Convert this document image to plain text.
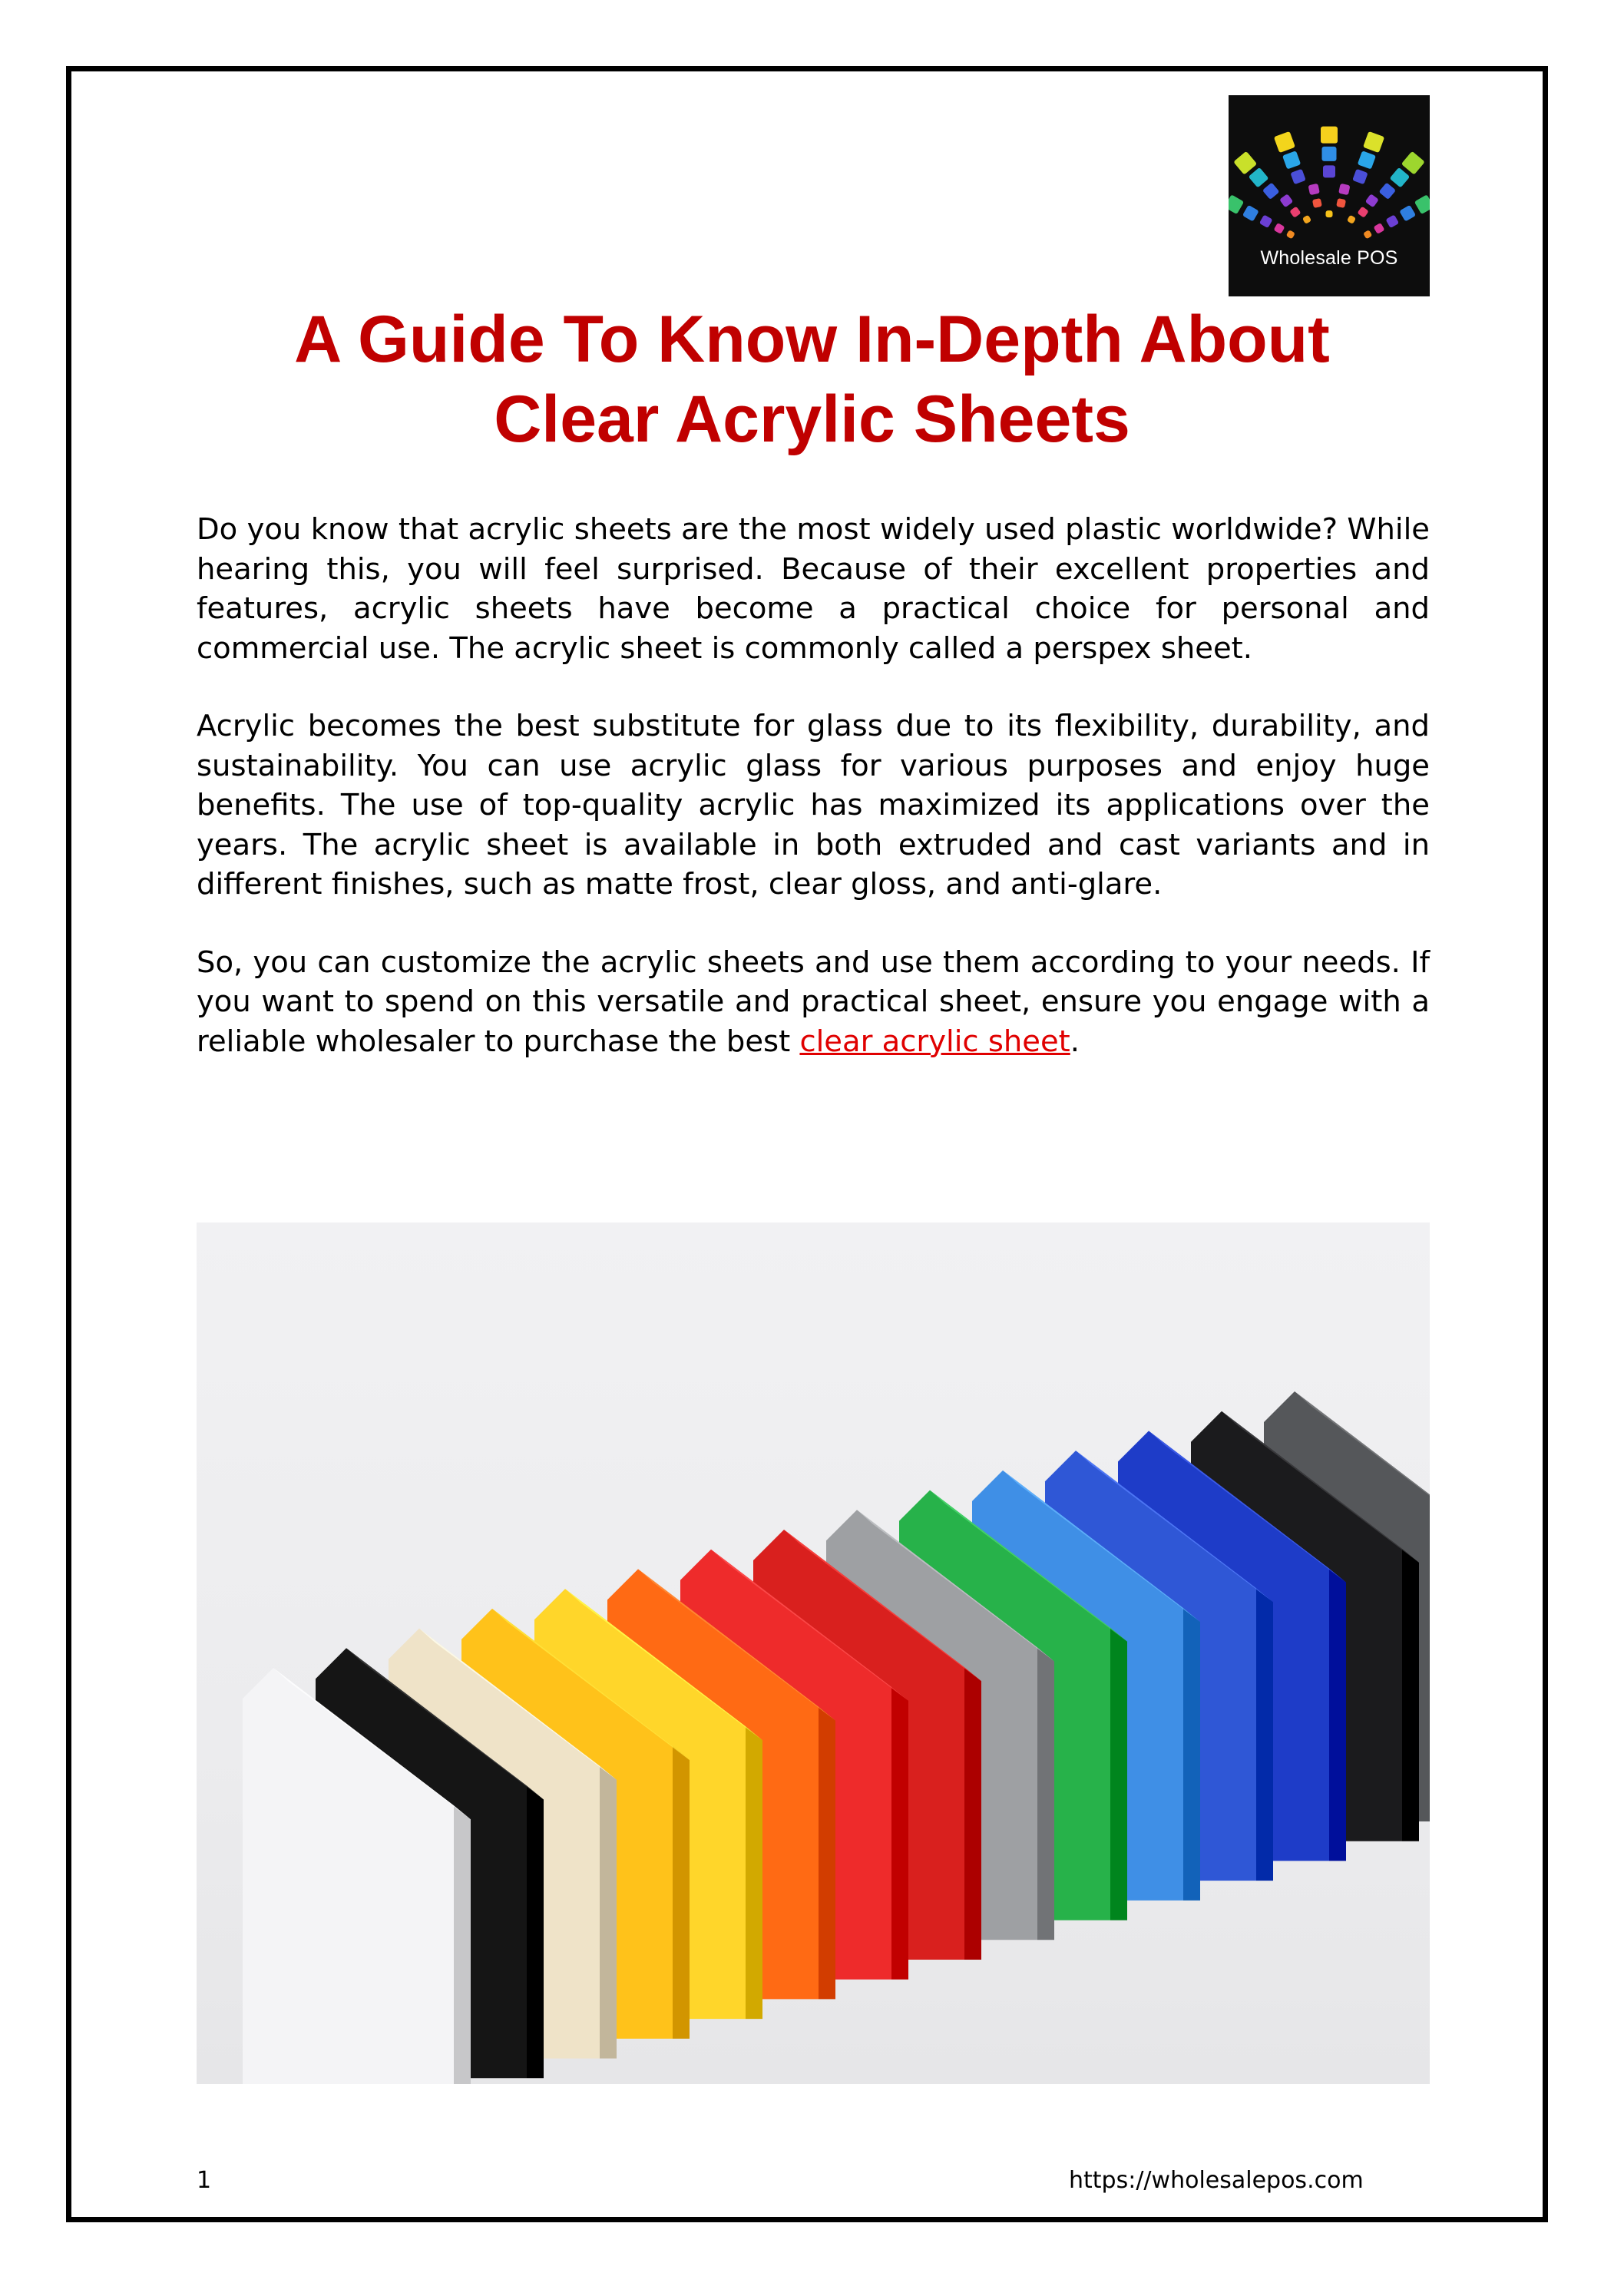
Wholesale POS
A Guide To Know In-Depth About
Clear Acrylic Sheets

Do you know that acrylic sheets are the most widely used plastic worldwide? While hearing this, you will feel surprised. Because of their excellent properties and features, acrylic sheets have become a practical choice for personal and commercial use. The acrylic sheet is commonly called a perspex sheet.

Acrylic becomes the best substitute for glass due to its flexibility, durability, and sustainability. You can use acrylic glass for various purposes and enjoy huge benefits. The use of top-quality acrylic has maximized its applications over the years. The acrylic sheet is available in both extruded and cast variants and in different finishes, such as matte frost, clear gloss, and anti-glare.

So, you can customize the acrylic sheets and use them according to your needs. If you want to spend on this versatile and practical sheet, ensure you engage with a reliable wholesaler to purchase the best clear acrylic sheet.

1	https://wholesalepos.com
